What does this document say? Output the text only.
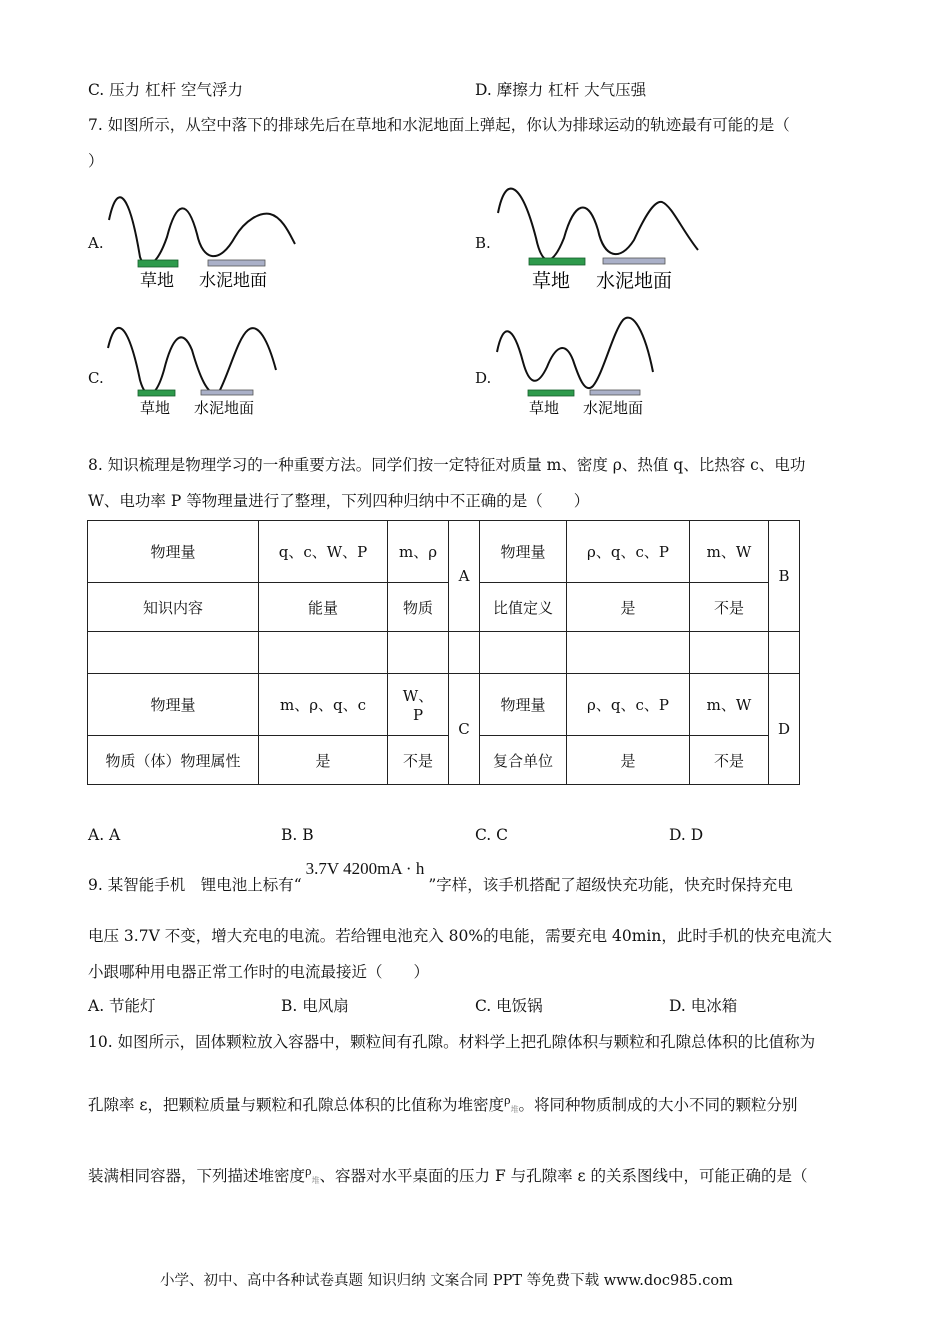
C. 压力 杠杆 空气浮力	D. 摩擦力 杠杆 大气压强
7. 如图所示，从空中落下的排球先后在草地和水泥地面上弹起，你认为排球运动的轨迹最有可能的是（
）
A.	B.
C.	D.
草地 水泥地面	草地 水泥地面
草地 水泥地面	草地 水泥地面
8. 知识梳理是物理学习的一种重要方法。同学们按一定特征对质量 m、密度 ρ、热值 q、比热容 c、电功
W、电功率 P 等物理量进行了整理，下列四种归纳中不正确的是（　　）
物理量	q、c、W、P	m、ρ	A	物理量	ρ、q、c、P	m、W	B
知识内容	能量	物质		比值定义	是	不是	

物理量	m、ρ、q、c	W、P	C	物理量	ρ、q、c、P	m、W	D
物质（体）物理属性	是	不是		复合单位	是	不是	
A. A	B. B	C. C	D. D
9. 某智能手机　锂电池上标有“3.7V 4200mA · h”字样，该手机搭配了超级快充功能，快充时保持充电
电压 3.7V 不变，增大充电的电流。若给锂电池充入 80%的电能，需要充电 40min，此时手机的快充电流大
小跟哪种用电器正常工作时的电流最接近（　　）
A. 节能灯	B. 电风扇	C. 电饭锅	D. 电冰箱
10. 如图所示，固体颗粒放入容器中，颗粒间有孔隙。材料学上把孔隙体积与颗粒和孔隙总体积的比值称为
孔隙率 ε，把颗粒质量与颗粒和孔隙总体积的比值称为堆密度$^\rho_堆$。将同种物质制成的大小不同的颗粒分别
装满相同容器，下列描述堆密度$^\rho_堆$、容器对水平桌面的压力 F 与孔隙率 ε 的关系图线中，可能正确的是（
小学、初中、高中各种试卷真题 知识归纳 文案合同 PPT 等免费下载 www.doc985.com
